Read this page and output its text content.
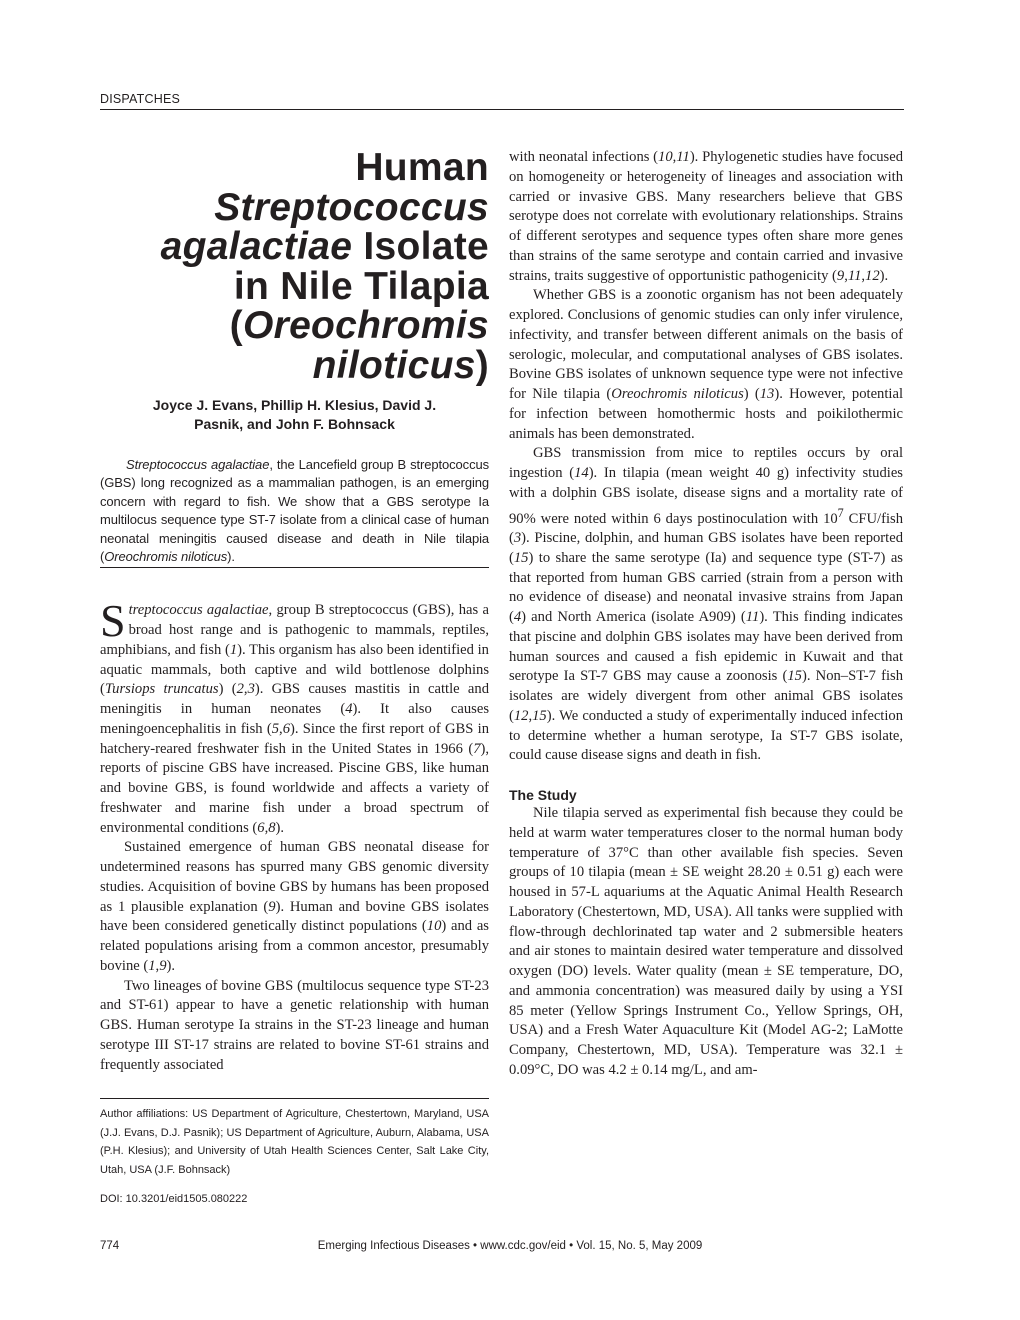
DISPATCHES
Human
Streptococcus
agalactiae Isolate
in Nile Tilapia
(Oreochromis
niloticus)
Joyce J. Evans, Phillip H. Klesius, David J.
Pasnik, and John F. Bohnsack
Streptococcus agalactiae, the Lancefield group B streptococcus (GBS) long recognized as a mammalian pathogen, is an emerging concern with regard to fish. We show that a GBS serotype Ia multilocus sequence type ST-7 isolate from a clinical case of human neonatal meningitis caused disease and death in Nile tilapia (Oreochromis niloticus).

Streptococcus agalactiae, group B streptococcus (GBS), has a broad host range and is pathogenic to mammals, reptiles, amphibians, and fish (1). This organism has also been identified in aquatic mammals, both captive and wild bottlenose dolphins (Tursiops truncatus) (2,3). GBS causes mastitis in cattle and meningitis in human neonates (4). It also causes meningoencephalitis in fish (5,6). Since the first report of GBS in hatchery-reared freshwater fish in the United States in 1966 (7), reports of piscine GBS have increased. Piscine GBS, like human and bovine GBS, is found worldwide and affects a variety of freshwater and marine fish under a broad spectrum of environmental conditions (6,8).

Sustained emergence of human GBS neonatal disease for undetermined reasons has spurred many GBS genomic diversity studies. Acquisition of bovine GBS by humans has been proposed as 1 plausible explanation (9). Human and bovine GBS isolates have been considered genetically distinct populations (10) and as related populations arising from a common ancestor, presumably bovine (1,9).

Two lineages of bovine GBS (multilocus sequence type ST-23 and ST-61) appear to have a genetic relationship with human GBS. Human serotype Ia strains in the ST-23 lineage and human serotype III ST-17 strains are related to bovine ST-61 strains and frequently associated

Author affiliations: US Department of Agriculture, Chestertown, Maryland, USA (J.J. Evans, D.J. Pasnik); US Department of Agriculture, Auburn, Alabama, USA (P.H. Klesius); and University of Utah Health Sciences Center, Salt Lake City, Utah, USA (J.F. Bohnsack)
DOI: 10.3201/eid1505.080222

with neonatal infections (10,11). Phylogenetic studies have focused on homogeneity or heterogeneity of lineages and association with carried or invasive GBS. Many researchers believe that GBS serotype does not correlate with evolutionary relationships. Strains of different serotypes and sequence types often share more genes than strains of the same serotype and contain carried and invasive strains, traits suggestive of opportunistic pathogenicity (9,11,12).

Whether GBS is a zoonotic organism has not been adequately explored. Conclusions of genomic studies can only infer virulence, infectivity, and transfer between different animals on the basis of serologic, molecular, and computational analyses of GBS isolates. Bovine GBS isolates of unknown sequence type were not infective for Nile tilapia (Oreochromis niloticus) (13). However, potential for infection between homothermic hosts and poikilothermic animals has been demonstrated.

GBS transmission from mice to reptiles occurs by oral ingestion (14). In tilapia (mean weight 40 g) infectivity studies with a dolphin GBS isolate, disease signs and a mortality rate of 90% were noted within 6 days postinoculation with $10^7$ CFU/fish (3). Piscine, dolphin, and human GBS isolates have been reported (15) to share the same serotype (Ia) and sequence type (ST-7) as that reported from human GBS carried (strain from a person with no evidence of disease) and neonatal invasive strains from Japan (4) and North America (isolate A909) (11). This finding indicates that piscine and dolphin GBS isolates may have been derived from human sources and caused a fish epidemic in Kuwait and that serotype Ia ST-7 GBS may cause a zoonosis (15). Non–ST-7 fish isolates are widely divergent from other animal GBS isolates (12,15). We conducted a study of experimentally induced infection to determine whether a human serotype, Ia ST-7 GBS isolate, could cause disease signs and death in fish.

The Study

Nile tilapia served as experimental fish because they could be held at warm water temperatures closer to the normal human body temperature of 37°C than other available fish species. Seven groups of 10 tilapia (mean ± SE weight 28.20 ± 0.51 g) each were housed in 57-L aquariums at the Aquatic Animal Health Research Laboratory (Chestertown, MD, USA). All tanks were supplied with flow-through dechlorinated tap water and 2 submersible heaters and air stones to maintain desired water temperature and dissolved oxygen (DO) levels. Water quality (mean ± SE temperature, DO, and ammonia concentration) was measured daily by using a YSI 85 meter (Yellow Springs Instrument Co., Yellow Springs, OH, USA) and a Fresh Water Aquaculture Kit (Model AG-2; LaMotte Company, Chestertown, MD, USA). Temperature was 32.1 ± 0.09°C, DO was 4.2 ± 0.14 mg/L, and am-

774	Emerging Infectious Diseases • www.cdc.gov/eid • Vol. 15, No. 5, May 2009
